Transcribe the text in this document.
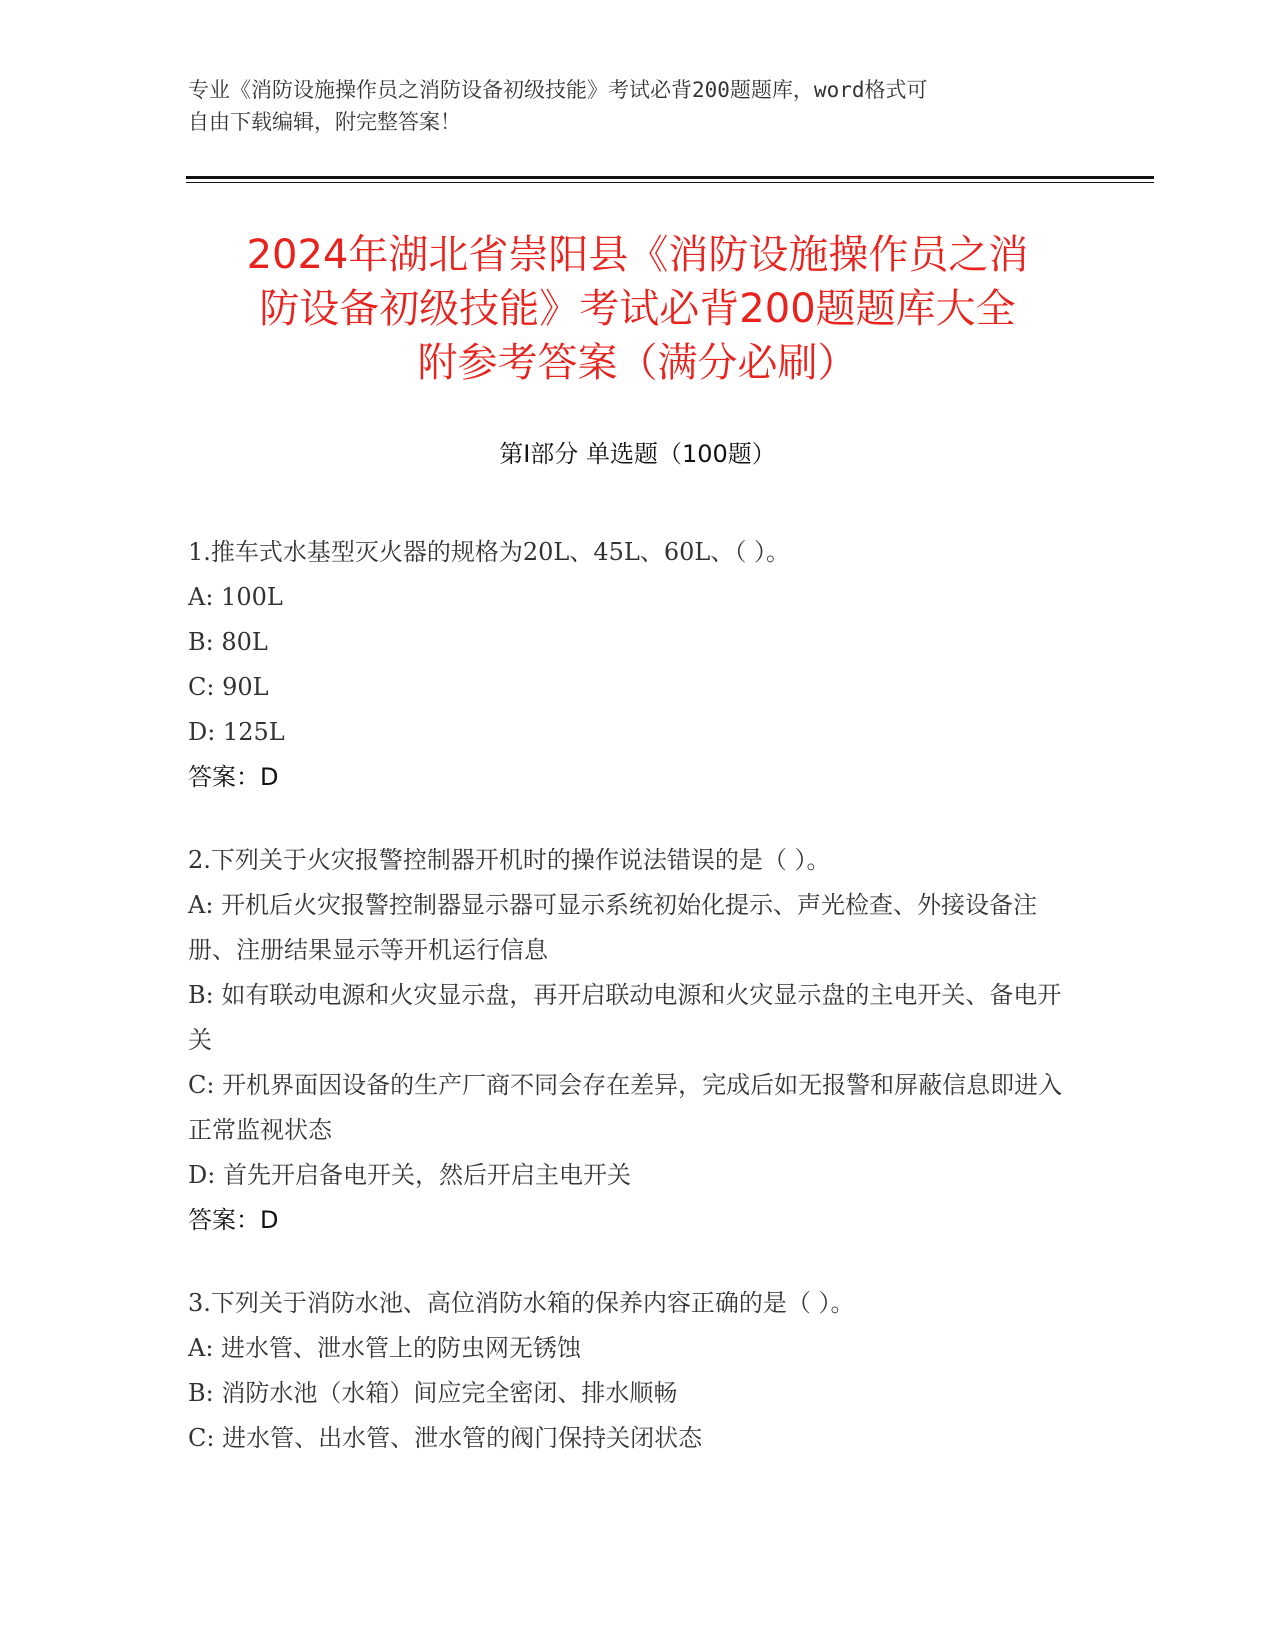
专业《消防设施操作员之消防设备初级技能》考试必背200题题库，word格式可
自由下载编辑，附完整答案！
2024年湖北省崇阳县《消防设施操作员之消
防设备初级技能》考试必背200题题库大全
附参考答案（满分必刷）
第Ⅰ部分 单选题（100题）
1.推车式水基型灭火器的规格为20L、45L、60L、（ ）。
A: 100L
B: 80L
C: 90L
D: 125L
答案：D
2.下列关于火灾报警控制器开机时的操作说法错误的是（ ）。
A: 开机后火灾报警控制器显示器可显示系统初始化提示、声光检查、外接设备注册、注册结果显示等开机运行信息
B: 如有联动电源和火灾显示盘，再开启联动电源和火灾显示盘的主电开关、备电开关
C: 开机界面因设备的生产厂商不同会存在差异，完成后如无报警和屏蔽信息即进入正常监视状态
D: 首先开启备电开关，然后开启主电开关
答案：D
3.下列关于消防水池、高位消防水箱的保养内容正确的是（ ）。
A: 进水管、泄水管上的防虫网无锈蚀
B: 消防水池（水箱）间应完全密闭、排水顺畅
C: 进水管、出水管、泄水管的阀门保持关闭状态
